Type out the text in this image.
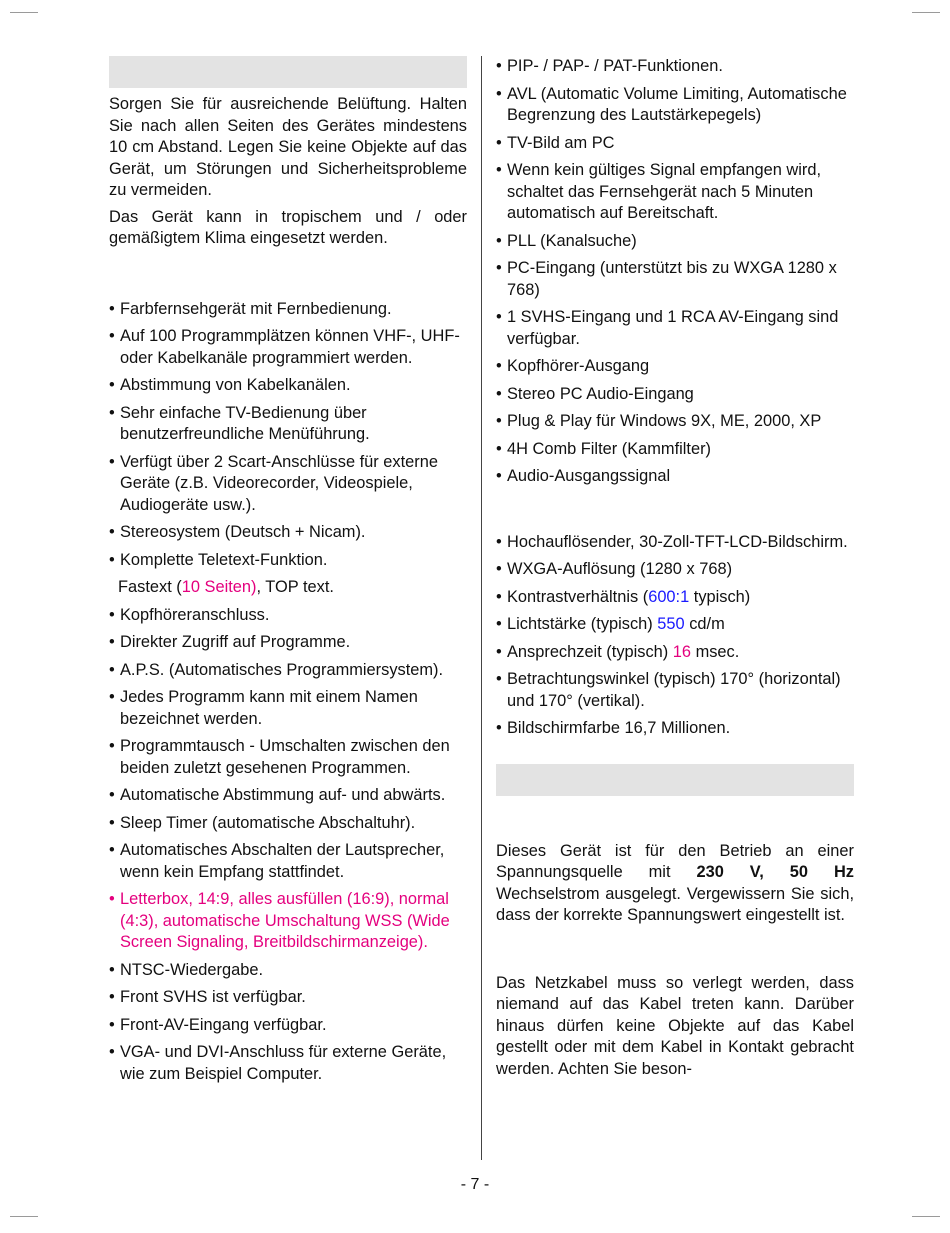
Sorgen Sie für ausreichende Belüftung. Halten Sie nach allen Seiten des Gerätes mindestens 10 cm Abstand. Legen Sie keine Objekte auf das Gerät, um Störungen und Sicherheitsprobleme zu vermeiden.

Das Gerät kann in tropischem und / oder gemäßigtem Klima eingesetzt werden.

• Farbfernsehgerät mit Fernbedienung.
• Auf 100 Programmplätzen können VHF-, UHF- oder Kabelkanäle programmiert werden.
• Abstimmung von Kabelkanälen.
• Sehr einfache TV-Bedienung über benutzerfreundliche Menüführung.
• Verfügt über 2 Scart-Anschlüsse für externe Geräte (z.B. Videorecorder, Videospiele, Audiogeräte usw.).
• Stereosystem (Deutsch + Nicam).
• Komplette Teletext-Funktion.
Fastext (10 Seiten), TOP text.
• Kopfhöreranschluss.
• Direkter Zugriff auf Programme.
• A.P.S. (Automatisches Programmiersystem).
• Jedes Programm kann mit einem Namen bezeichnet werden.
• Programmtausch - Umschalten zwischen den beiden zuletzt gesehenen Programmen.
• Automatische Abstimmung auf- und abwärts.
• Sleep Timer (automatische Abschaltuhr).
• Automatisches Abschalten der Lautsprecher, wenn kein Empfang stattfindet.
• Letterbox, 14:9, alles ausfüllen (16:9), normal (4:3), automatische Umschaltung WSS (Wide Screen Signaling, Breitbildschirmanzeige).
• NTSC-Wiedergabe.
• Front SVHS ist verfügbar.
• Front-AV-Eingang verfügbar.
• VGA- und DVI-Anschluss für externe Geräte, wie zum Beispiel Computer.
• PIP- / PAP- / PAT-Funktionen.
• AVL (Automatic Volume Limiting, Automatische Begrenzung des Lautstärkepegels)
• TV-Bild am PC
• Wenn kein gültiges Signal empfangen wird, schaltet das Fernsehgerät nach 5 Minuten automatisch auf Bereitschaft.
• PLL (Kanalsuche)
• PC-Eingang (unterstützt bis zu WXGA 1280 x 768)
• 1 SVHS-Eingang und 1 RCA AV-Eingang sind verfügbar.
• Kopfhörer-Ausgang
• Stereo PC Audio-Eingang
• Plug & Play für Windows 9X, ME, 2000, XP
• 4H Comb Filter (Kammfilter)
• Audio-Ausgangssignal
• Hochauflösender, 30-Zoll-TFT-LCD-Bildschirm.
• WXGA-Auflösung (1280 x 768)
• Kontrastverhältnis (600:1 typisch)
• Lichtstärke (typisch) 550 cd/m
• Ansprechzeit (typisch) 16 msec.
• Betrachtungswinkel (typisch) 170° (horizontal) und 170° (vertikal).
• Bildschirmfarbe 16,7 Millionen.

Dieses Gerät ist für den Betrieb an einer Spannungsquelle mit 230 V, 50 Hz Wechselstrom ausgelegt. Vergewissern Sie sich, dass der korrekte Spannungswert eingestellt ist.

Das Netzkabel muss so verlegt werden, dass niemand auf das Kabel treten kann. Darüber hinaus dürfen keine Objekte auf das Kabel gestellt oder mit dem Kabel in Kontakt gebracht werden. Achten Sie beson-

- 7 -
